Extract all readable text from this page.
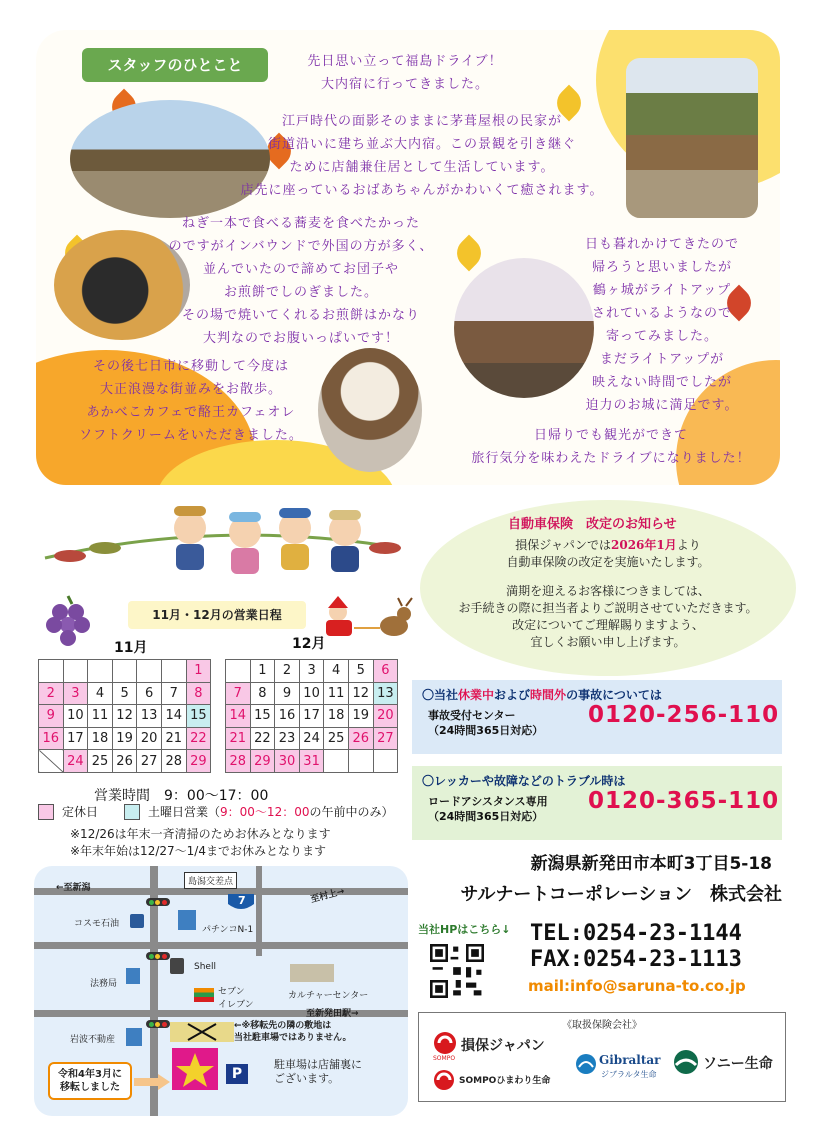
スタッフのひとこと	先日思い立って福島ドライブ！
大内宿に行ってきました。
江戸時代の面影そのままに茅葺屋根の民家が
街道沿いに建ち並ぶ大内宿。この景観を引き継ぐ
ために店舗兼住居として生活しています。
店先に座っているおばあちゃんがかわいくて癒されます。
ねぎ一本で食べる蕎麦を食べたかった
のですがインバウンドで外国の方が多く、
並んでいたので諦めてお団子や
お煎餅でしのぎました。
その場で焼いてくれるお煎餅はかなり
大判なのでお腹いっぱいです！
日も暮れかけてきたので
帰ろうと思いましたが
鶴ヶ城がライトアップ
されているようなので
寄ってみました。
まだライトアップが
映えない時間でしたが
迫力のお城に満足です。
その後七日市に移動して今度は
大正浪漫な街並みをお散歩。
あかべこカフェで酪王カフェオレ
ソフトクリームをいただきました。	日帰りでも観光ができて
旅行気分を味わえたドライブになりました！
11月・12月の営業日程
11月	12月
						1
2	3	4	5	6	7	8
9	10	11	12	13	14	15
16	17	18	19	20	21	22
	24	25	26	27	28	29
	1	2	3	4	5	6
7	8	9	10	11	12	13
14	15	16	17	18	19	20
21	22	23	24	25	26	27
28	29	30	31			
営業時間　9：00〜17：00
定休日	土曜日営業（ 9：00〜12：00 の午前中のみ）
※12/26は年末一斉清掃のためお休みとなります
※年末年始は12/27〜1/4までお休みとなります
自動車保険　改定のお知らせ
損保ジャパンでは2026年1月より
自動車保険の改定を実施いたします。
満期を迎えるお客様につきましては、
お手続きの際に担当者よりご説明させていただきます。
改定についてご理解賜りますよう、
宜しくお願い申し上げます。
〇当社休業中および時間外の事故については
事故受付センター
（24時間365日対応）
0120-256-110
〇レッカーや故障などのトラブル時は
ロードアシスタンス専用
（24時間365日対応）
0120-365-110
新潟県新発田市本町3丁目5-18
サルナートコーポレーション　株式会社
当社HPはこちら↓ TEL:0254-23-1144
FAX:0254-23-1113
mail:info@saruna-to.co.jp
《取扱保険会社》
SOMPO
損保ジャパン
SOMPOひまわり生命
Gibraltar
ジブラルタ生命
ソニー生命
←至新潟
島潟交差点
7	至村上→
コスモ石油
パチンコN-1
Shell
法務局
セブン
イレブン
カルチャーセンター
至新発田駅→
岩波不動産
←※移転先の隣の敷地は
当社駐車場ではありません。
P
駐車場は店舗裏に
ございます。
令和4年3月に
移転しました
